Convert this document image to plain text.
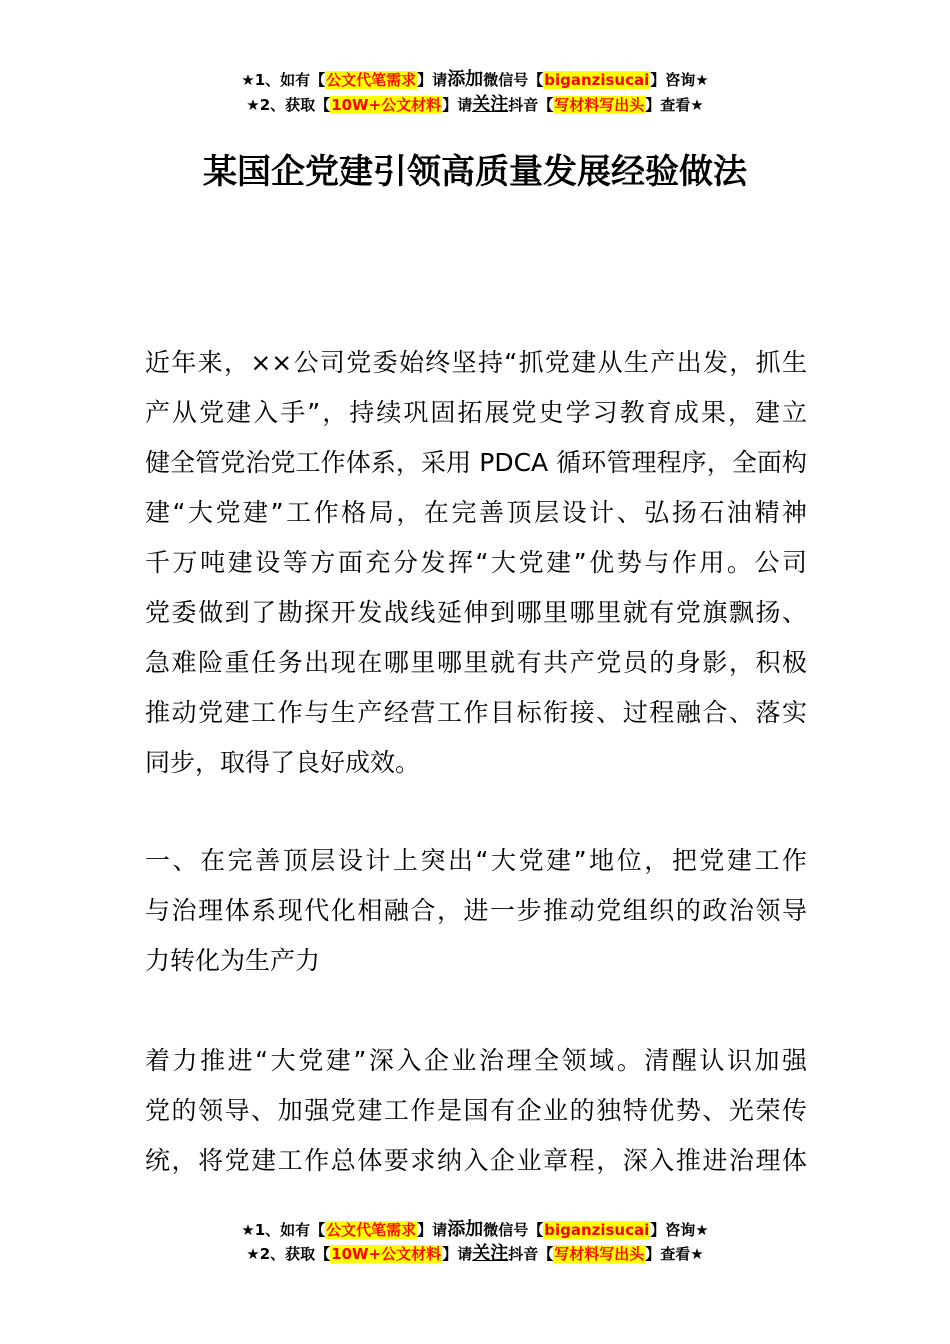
★1、如有【公文代笔需求】请添加微信号【biganzisucai】咨询★
★2、获取【10W+公文材料】请关注抖音【写材料写出头】查看★
某国企党建引领高质量发展经验做法
近年来，××公司党委始终坚持“抓党建从生产出发，抓生
产从党建入手”，持续巩固拓展党史学习教育成果，建立
健全管党治党工作体系，采用 PDCA 循环管理程序，全面构
建“大党建”工作格局，在完善顶层设计、弘扬石油精神
千万吨建设等方面充分发挥“大党建”优势与作用。公司
党委做到了勘探开发战线延伸到哪里哪里就有党旗飘扬、
急难险重任务出现在哪里哪里就有共产党员的身影，积极
推动党建工作与生产经营工作目标衔接、过程融合、落实
同步，取得了良好成效。
一、在完善顶层设计上突出“大党建”地位，把党建工作
与治理体系现代化相融合，进一步推动党组织的政治领导
力转化为生产力
着力推进“大党建”深入企业治理全领域。清醒认识加强
党的领导、加强党建工作是国有企业的独特优势、光荣传
统，将党建工作总体要求纳入企业章程，深入推进治理体
★1、如有【公文代笔需求】请添加微信号【biganzisucai】咨询★
★2、获取【10W+公文材料】请关注抖音【写材料写出头】查看★
